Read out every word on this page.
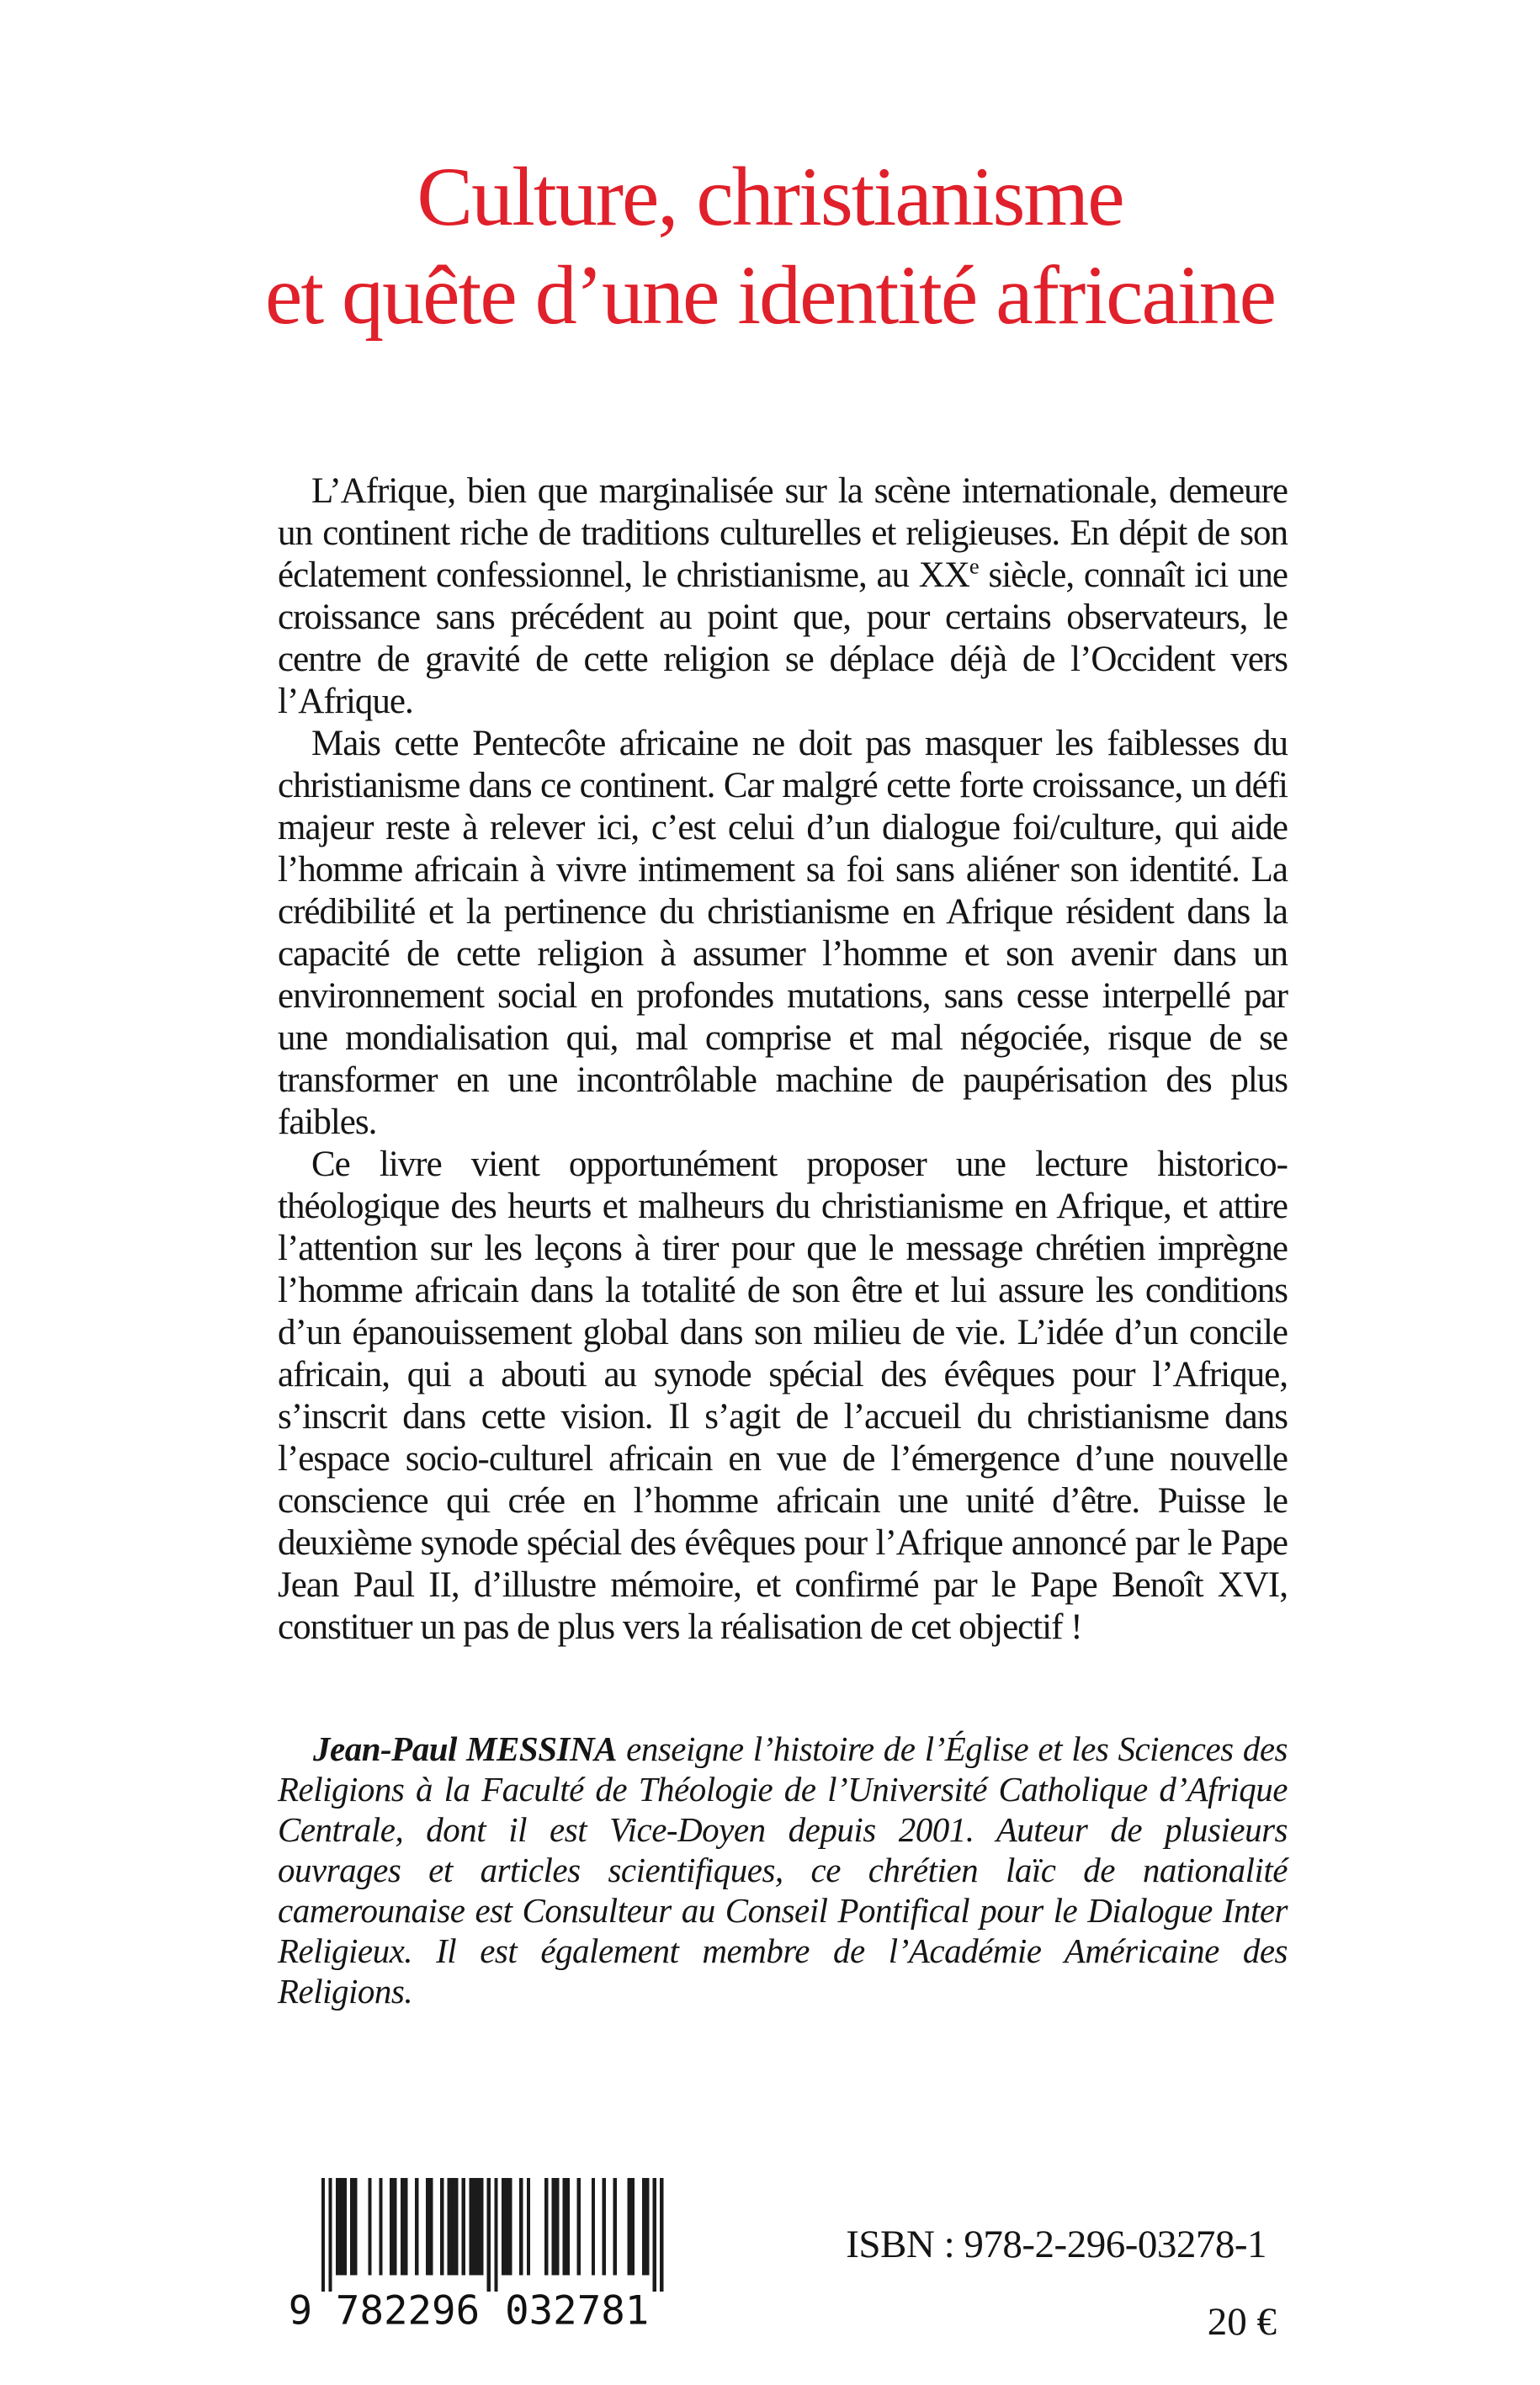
Culture, christianisme
et quête d’une identité africaine

L’Afrique, bien que marginalisée sur la scène internationale, demeure un continent riche de traditions culturelles et religieuses. En dépit de son éclatement confessionnel, le christianisme, au XXe siècle, connaît ici une croissance sans précédent au point que, pour certains observateurs, le centre de gravité de cette religion se déplace déjà de l’Occident vers l’Afrique.

Mais cette Pentecôte africaine ne doit pas masquer les faiblesses du christianisme dans ce continent. Car malgré cette forte croissance, un défi majeur reste à relever ici, c’est celui d’un dialogue foi/culture, qui aide l’homme africain à vivre intimement sa foi sans aliéner son identité. La crédibilité et la pertinence du christianisme en Afrique résident dans la capacité de cette religion à assumer l’homme et son avenir dans un environnement social en profondes mutations, sans cesse interpellé par une mondialisation qui, mal comprise et mal négociée, risque de se transformer en une incontrôlable machine de paupérisation des plus faibles.

Ce livre vient opportunément proposer une lecture historico-théologique des heurts et malheurs du christianisme en Afrique, et attire l’attention sur les leçons à tirer pour que le message chrétien imprègne l’homme africain dans la totalité de son être et lui assure les conditions d’un épanouissement global dans son milieu de vie. L’idée d’un concile africain, qui a abouti au synode spécial des évêques pour l’Afrique, s’inscrit dans cette vision. Il s’agit de l’accueil du christianisme dans l’espace socio-culturel africain en vue de l’émergence d’une nouvelle conscience qui crée en l’homme africain une unité d’être. Puisse le deuxième synode spécial des évêques pour l’Afrique annoncé par le Pape Jean Paul II, d’illustre mémoire, et confirmé par le Pape Benoît XVI, constituer un pas de plus vers la réalisation de cet objectif !

Jean-Paul MESSINA enseigne l’histoire de l’Église et les Sciences des Religions à la Faculté de Théologie de l’Université Catholique d’Afrique Centrale, dont il est Vice-Doyen depuis 2001. Auteur de plusieurs ouvrages et articles scientifiques, ce chrétien laïc de nationalité camerounaise est Consulteur au Conseil Pontifical pour le Dialogue Inter Religieux. Il est également membre de l’Académie Américaine des Religions.
9	782296	032781
ISBN : 978-2-296-03278-1
20 €
